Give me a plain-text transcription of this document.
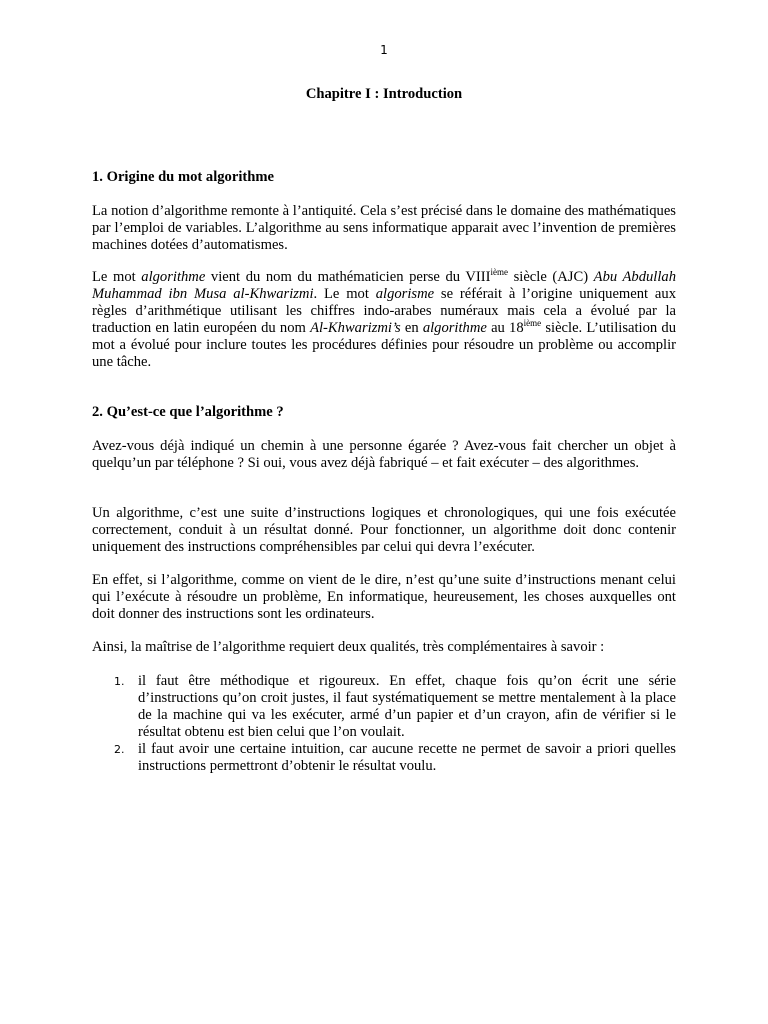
1
Chapitre I : Introduction

1. Origine du mot algorithme

La notion d’algorithme remonte à l’antiquité. Cela s’est précisé dans le domaine des mathématiques par l’emploi de variables. L’algorithme au sens informatique apparait avec l’invention de premières machines dotées d’automatismes.

Le mot algorithme vient du nom du mathématicien perse du VIIIième siècle (AJC) Abu Abdullah Muhammad ibn Musa al-Khwarizmi. Le mot algorisme se référait à l’origine uniquement aux règles d’arithmétique utilisant les chiffres indo-arabes numéraux mais cela a évolué par la traduction en latin européen du nom Al-Khwarizmi’s en algorithme au 18ième siècle. L’utilisation du mot a évolué pour inclure toutes les procédures définies pour résoudre un problème ou accomplir une tâche.

2. Qu’est-ce que l’algorithme ?

Avez-vous déjà indiqué un chemin à une personne égarée ? Avez-vous fait chercher un objet à quelqu’un par téléphone ? Si oui, vous avez déjà fabriqué – et fait exécuter – des algorithmes.

Un algorithme, c’est une suite d’instructions logiques et chronologiques, qui une fois exécutée correctement, conduit à un résultat donné. Pour fonctionner, un algorithme doit donc contenir uniquement des instructions compréhensibles par celui qui devra l’exécuter.

En effet, si l’algorithme, comme on vient de le dire, n’est qu’une suite d’instructions menant celui qui l’exécute à résoudre un problème, En informatique, heureusement, les choses auxquelles ont doit donner des instructions sont les ordinateurs.

Ainsi, la maîtrise de l’algorithme requiert deux qualités, très complémentaires à savoir :

1. il faut être méthodique et rigoureux. En effet, chaque fois qu’on écrit une série d’instructions qu’on croit justes, il faut systématiquement se mettre mentalement à la place de la machine qui va les exécuter, armé d’un papier et d’un crayon, afin de vérifier si le résultat obtenu est bien celui que l’on voulait.
2. il faut avoir une certaine intuition, car aucune recette ne permet de savoir a priori quelles instructions permettront d’obtenir le résultat voulu.
